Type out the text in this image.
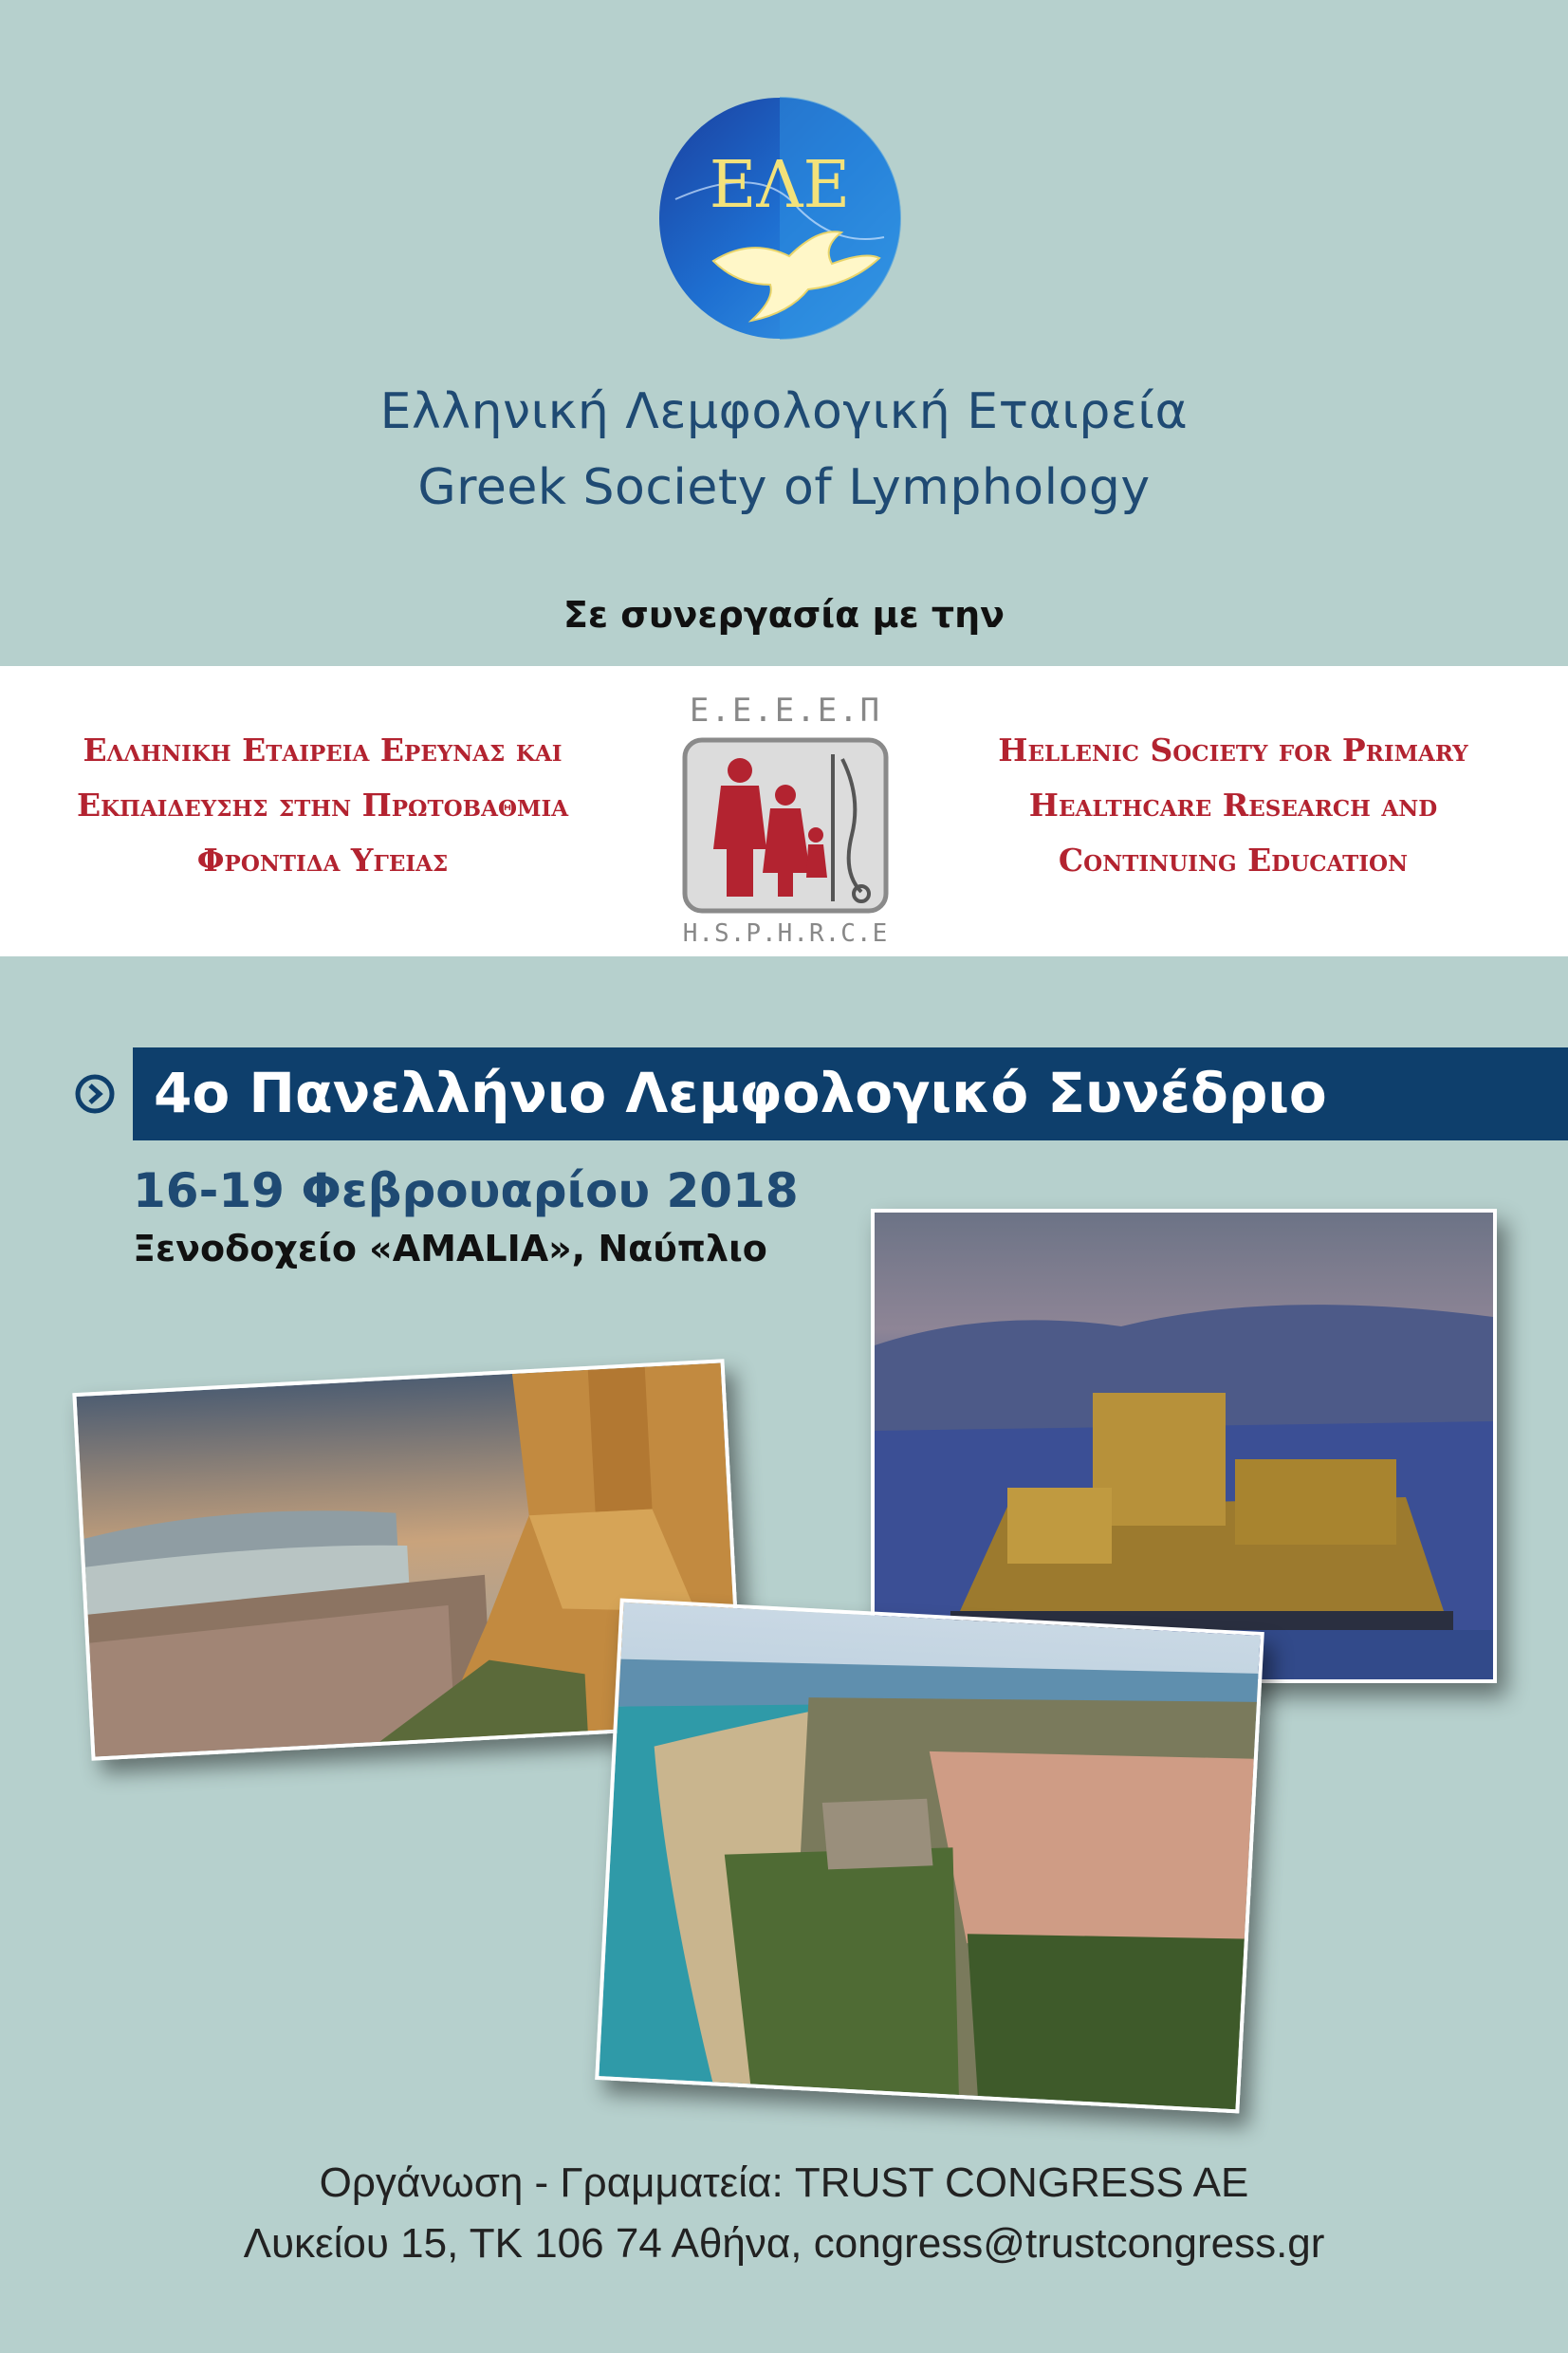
ΕΛΕ
Ελληνική Λεμφολογική Εταιρεία
Greek Society of Lymphology
Σε συνεργασία με την
Ελληνικη Εταιρεια Ερευνας και
Εκπαιδευσης στην Πρωτοβαθμια
Φροντιδα Υγειας
Ε.Ε.Ε.Ε.Π
H.S.P.H.R.C.E
Hellenic Society for Primary
Healthcare Research and
Continuing Education
4ο Πανελλήνιο Λεμφολογικό Συνέδριο
16-19 Φεβρουαρίου 2018
Ξενοδοχείο «AMALIA», Ναύπλιο
Οργάνωση - Γραμματεία: TRUST CONGRESS AE
Λυκείου 15, ΤΚ 106 74 Αθήνα, congress@trustcongress.gr
